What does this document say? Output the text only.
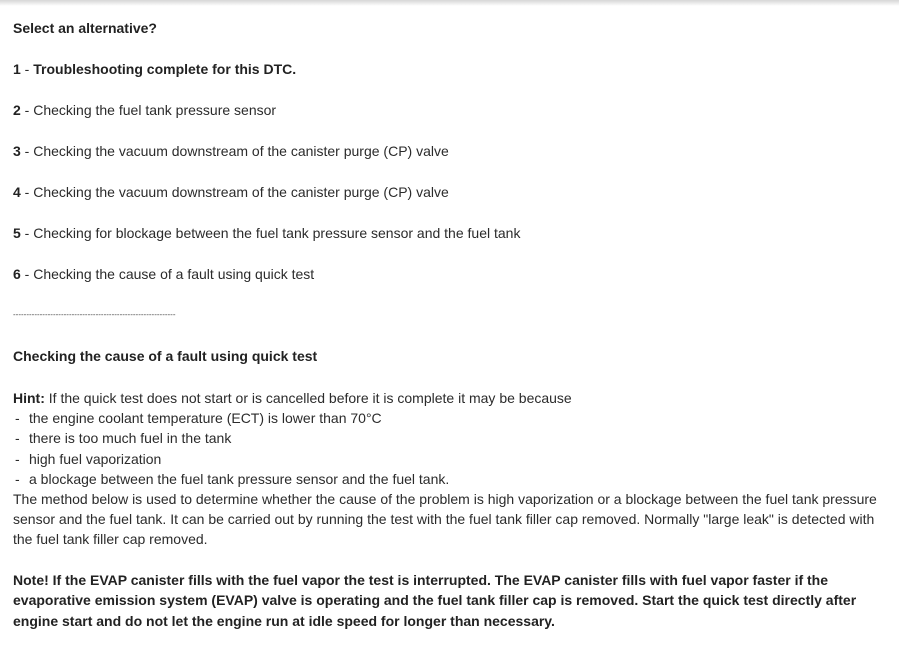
Select an alternative?

1 - Troubleshooting complete for this DTC.
2 - Checking the fuel tank pressure sensor
3 - Checking the vacuum downstream of the canister purge (CP) valve
4 - Checking the vacuum downstream of the canister purge (CP) valve
5 - Checking for blockage between the fuel tank pressure sensor and the fuel tank
6 - Checking the cause of a fault using quick test

-------------------------------------------------------------

Checking the cause of a fault using quick test

Hint: If the quick test does not start or is cancelled before it is complete it may be because
- the engine coolant temperature (ECT) is lower than 70°C
- there is too much fuel in the tank
- high fuel vaporization
- a blockage between the fuel tank pressure sensor and the fuel tank.
The method below is used to determine whether the cause of the problem is high vaporization or a blockage between the fuel tank pressure sensor and the fuel tank. It can be carried out by running the test with the fuel tank filler cap removed. Normally "large leak" is detected with the fuel tank filler cap removed.

Note! If the EVAP canister fills with the fuel vapor the test is interrupted. The EVAP canister fills with fuel vapor faster if the evaporative emission system (EVAP) valve is operating and the fuel tank filler cap is removed. Start the quick test directly after engine start and do not let the engine run at idle speed for longer than necessary.
